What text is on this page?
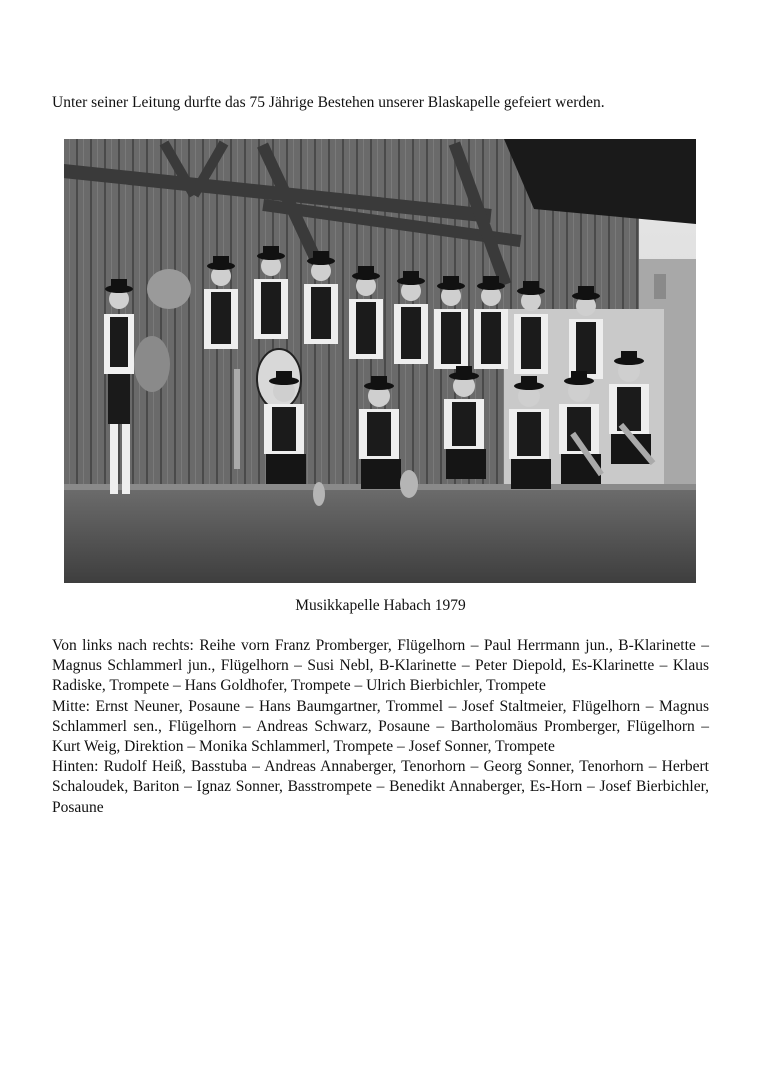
Unter seiner Leitung durfte das 75 Jährige Bestehen unserer Blaskapelle gefeiert werden.
Musikkapelle Habach 1979

Von links nach rechts: Reihe vorn Franz Promberger, Flügelhorn – Paul Herrmann jun., B-Klarinette – Magnus Schlammerl jun., Flügelhorn – Susi Nebl, B-Klarinette – Peter Diepold, Es-Klarinette – Klaus Radiske, Trompete – Hans Goldhofer, Trompete – Ulrich Bierbichler, Trompete

Mitte: Ernst Neuner, Posaune – Hans Baumgartner, Trommel – Josef Staltmeier, Flügelhorn – Magnus Schlammerl sen., Flügelhorn – Andreas Schwarz, Posaune – Bartholomäus Promberger, Flügelhorn – Kurt Weig, Direktion – Monika Schlammerl, Trompete – Josef Sonner, Trompete

Hinten: Rudolf Heiß, Basstuba – Andreas Annaberger, Tenorhorn – Georg Sonner, Tenorhorn – Herbert Schaloudek, Bariton – Ignaz Sonner, Basstrompete – Benedikt Annaberger, Es-Horn – Josef Bierbichler, Posaune
